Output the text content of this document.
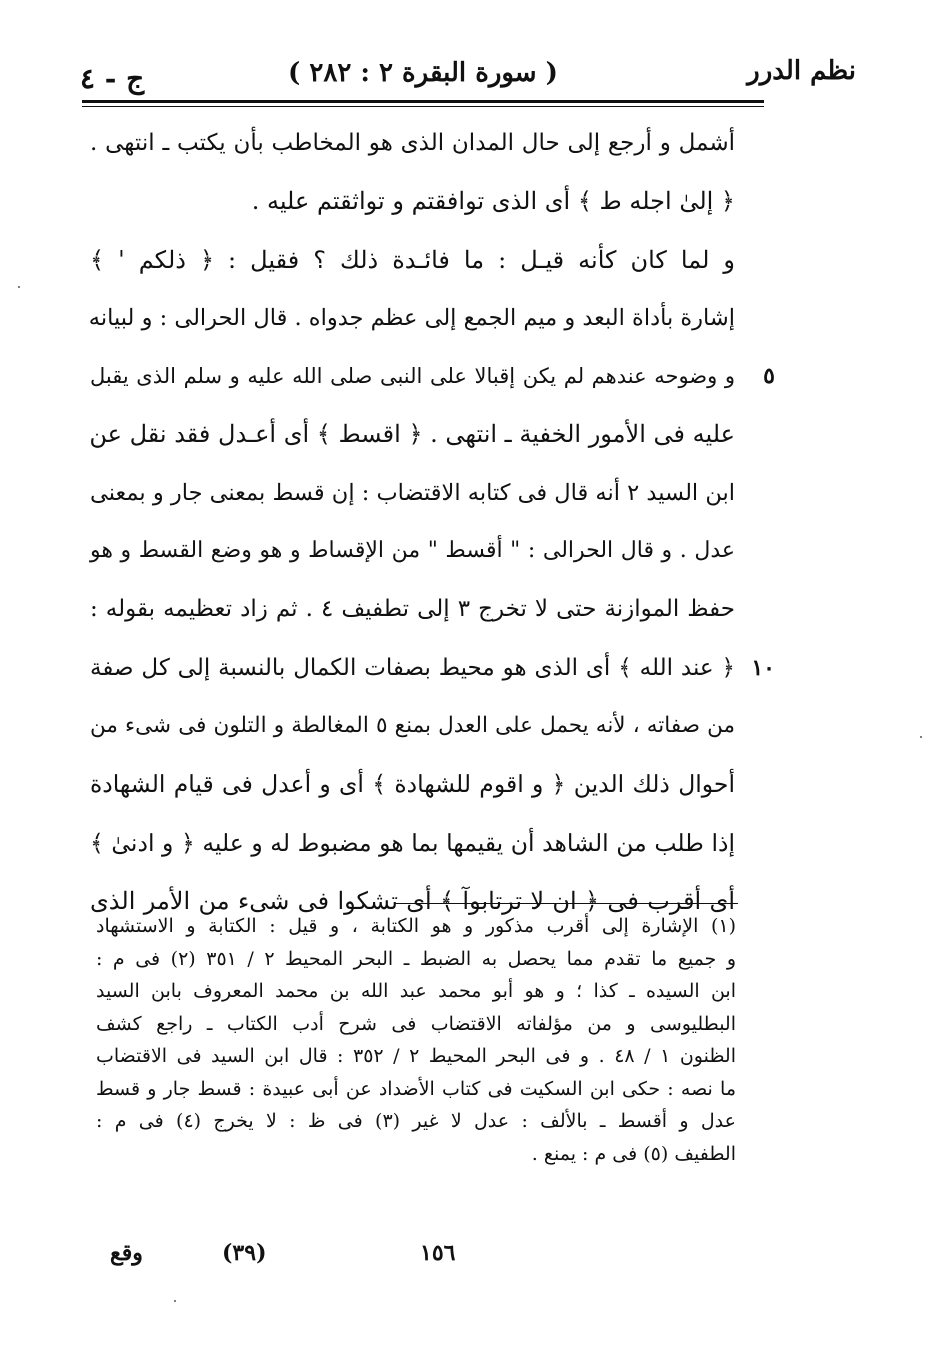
ج - ٤	( سورة البقرة ٢ : ٢٨٢ )	نظم الدرر
أشمل و أرجع إلى حال المدان الذى هو المخاطب بأن يكتب ـ انتهى .
﴿ إلىٰ اجله ط ﴾ أى الذى توافقتم و تواثقتم عليه .
و لما كان كأنه قيـل : ما فائـدة ذلك ؟ فقيل : ﴿ ذلكم ' ﴾
إشارة بأداة البعد و ميم الجمع إلى عظم جدواه . قال الحرالى : و لبيانه
و وضوحه عندهم لم يكن إقبالا على النبى صلى الله عليه و سلم الذى يقبل ٥
عليه فى الأمور الخفية ـ انتهى . ﴿ اقسط ﴾ أى أعـدل فقد نقل عن
ابن السيد ٢ أنه قال فى كتابه الاقتضاب : إن قسط بمعنى جار و بمعنى
عدل . و قال الحرالى : " أقسط " من الإقساط و هو وضع القسط و هو
حفظ الموازنة حتى لا تخرج ٣ إلى تطفيف ٤ . ثم زاد تعظيمه بقوله :
﴿ عند الله ﴾ أى الذى هو محيط بصفات الكمال بالنسبة إلى كل صفة ١٠
من صفاته ، لأنه يحمل على العدل بمنع ٥ المغالطة و التلون فى شىء من
أحوال ذلك الدين ﴿ و اقوم للشهادة ﴾ أى و أعدل فى قيام الشهادة
إذا طلب من الشاهد أن يقيمها بما هو مضبوط له و عليه ﴿ و ادنىٰ ﴾
أى أقرب فى ﴿ ان لا ترتابوآ ﴾ أى تشكوا فى شىء من الأمر الذى
(١) الإشارة إلى أقرب مذكور و هو الكتابة ، و قيل : الكتابة و الاستشهاد
و جميع ما تقدم مما يحصل به الضبط ـ البحر المحيط ٢ / ٣٥١ (٢) فى م :
ابن السيده ـ كذا ؛ و هو أبو محمد عبد الله بن محمد المعروف بابن السيد
البطليوسى و من مؤلفاته الاقتضاب فى شرح أدب الكتاب ـ راجع كشف
الظنون ١ / ٤٨ . و فى البحر المحيط ٢ / ٣٥٢ : قال ابن السيد فى الاقتضاب
ما نصه : حكى ابن السكيت فى كتاب الأضداد عن أبى عبيدة : قسط جار و قسط
عدل و أقسط ـ بالألف : عدل لا غير (٣) فى ظ : لا يخرج (٤) فى م :
الطفيف (٥) فى م : يمنع .
وقع	(٣٩)	١٥٦
